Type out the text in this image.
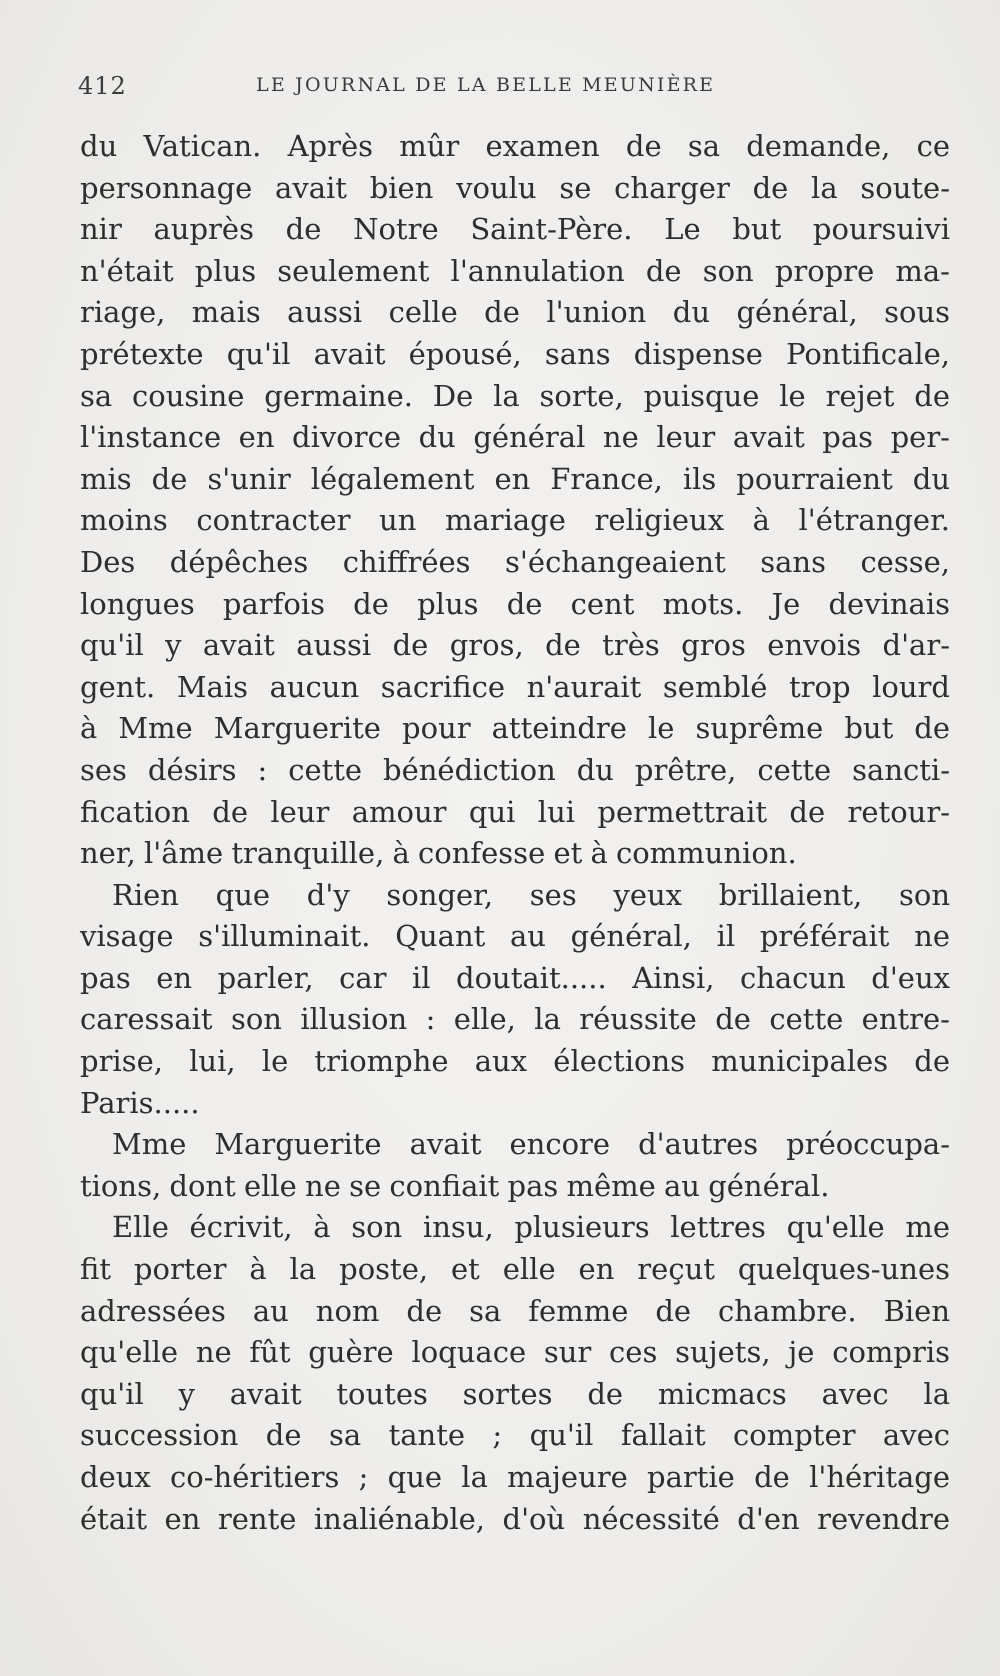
412	LE JOURNAL DE LA BELLE MEUNIÈRE
du Vatican. Après mûr examen de sa demande, ce
personnage avait bien voulu se charger de la soute-
nir auprès de Notre Saint-Père. Le but poursuivi
n'était plus seulement l'annulation de son propre ma-
riage, mais aussi celle de l'union du général, sous
prétexte qu'il avait épousé, sans dispense Pontificale,
sa cousine germaine. De la sorte, puisque le rejet de
l'instance en divorce du général ne leur avait pas per-
mis de s'unir légalement en France, ils pourraient du
moins contracter un mariage religieux à l'étranger.
Des dépêches chiffrées s'échangeaient sans cesse,
longues parfois de plus de cent mots. Je devinais
qu'il y avait aussi de gros, de très gros envois d'ar-
gent. Mais aucun sacrifice n'aurait semblé trop lourd
à Mme Marguerite pour atteindre le suprême but de
ses désirs : cette bénédiction du prêtre, cette sancti-
fication de leur amour qui lui permettrait de retour-
ner, l'âme tranquille, à confesse et à communion.
Rien que d'y songer, ses yeux brillaient, son
visage s'illuminait. Quant au général, il préférait ne
pas en parler, car il doutait..... Ainsi, chacun d'eux
caressait son illusion : elle, la réussite de cette entre-
prise, lui, le triomphe aux élections municipales de
Paris.....
Mme Marguerite avait encore d'autres préoccupa-
tions, dont elle ne se confiait pas même au général.
Elle écrivit, à son insu, plusieurs lettres qu'elle me
fit porter à la poste, et elle en reçut quelques-unes
adressées au nom de sa femme de chambre. Bien
qu'elle ne fût guère loquace sur ces sujets, je compris
qu'il y avait toutes sortes de micmacs avec la
succession de sa tante ; qu'il fallait compter avec
deux co-héritiers ; que la majeure partie de l'héritage
était en rente inaliénable, d'où nécessité d'en revendre
